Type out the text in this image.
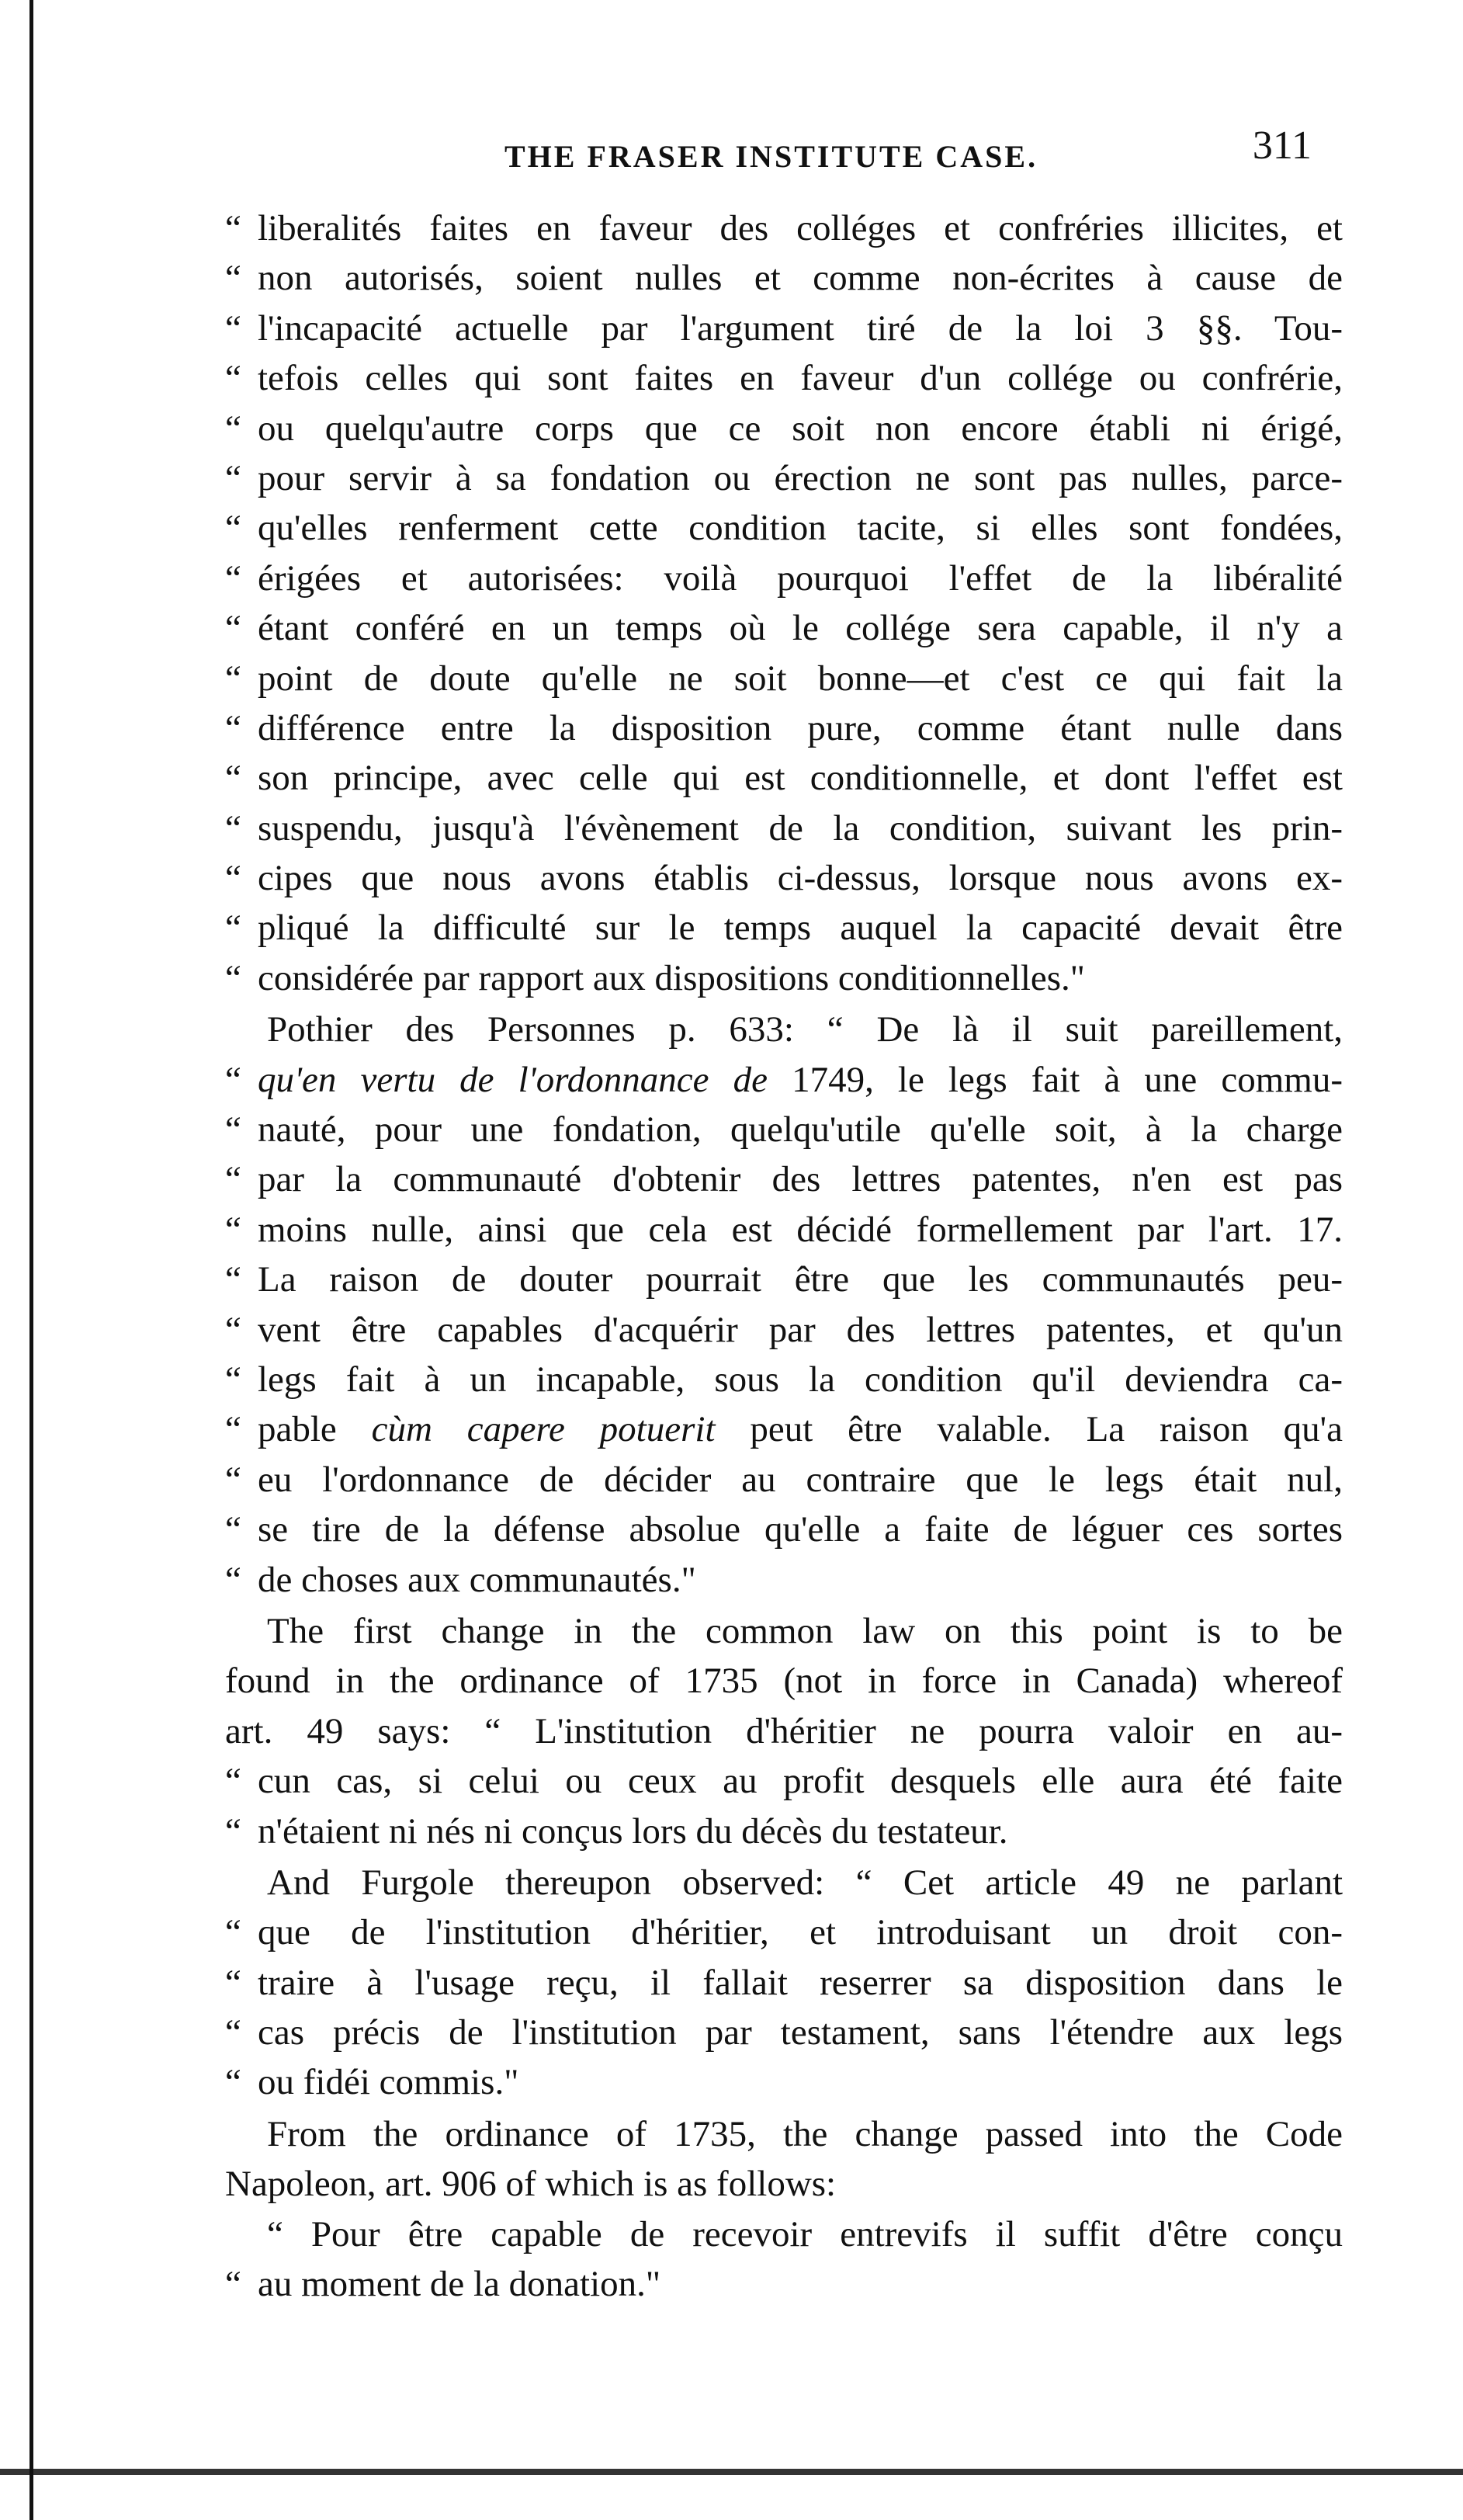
THE FRASER INSTITUTE CASE.	311
“ liberalités faites en faveur des colléges et confréries illicites, et
“ non autorisés, soient nulles et comme non-écrites à cause de
“ l'incapacité actuelle par l'argument tiré de la loi 3 §§. Tou-
“ tefois celles qui sont faites en faveur d'un collége ou confrérie,
“ ou quelqu'autre corps que ce soit non encore établi ni érigé,
“ pour servir à sa fondation ou érection ne sont pas nulles, parce-
“ qu'elles renferment cette condition tacite, si elles sont fondées,
“ érigées et autorisées: voilà pourquoi l'effet de la libéralité
“ étant conféré en un temps où le collége sera capable, il n'y a
“ point de doute qu'elle ne soit bonne—et c'est ce qui fait la
“ différence entre la disposition pure, comme étant nulle dans
“ son principe, avec celle qui est conditionnelle, et dont l'effet est
“ suspendu, jusqu'à l'évènement de la condition, suivant les prin-
“ cipes que nous avons établis ci-dessus, lorsque nous avons ex-
“ pliqué la difficulté sur le temps auquel la capacité devait être
“ considérée par rapport aux dispositions conditionnelles."
Pothier des Personnes p. 633: “ De là il suit pareillement,
“ qu'en vertu de l'ordonnance de 1749, le legs fait à une commu-
“ nauté, pour une fondation, quelqu'utile qu'elle soit, à la charge
“ par la communauté d'obtenir des lettres patentes, n'en est pas
“ moins nulle, ainsi que cela est décidé formellement par l'art. 17.
“ La raison de douter pourrait être que les communautés peu-
“ vent être capables d'acquérir par des lettres patentes, et qu'un
“ legs fait à un incapable, sous la condition qu'il deviendra ca-
“ pable cùm capere potuerit peut être valable. La raison qu'a
“ eu l'ordonnance de décider au contraire que le legs était nul,
“ se tire de la défense absolue qu'elle a faite de léguer ces sortes
“ de choses aux communautés."
The first change in the common law on this point is to be
found in the ordinance of 1735 (not in force in Canada) whereof
art. 49 says: “ L'institution d'héritier ne pourra valoir en au-
“ cun cas, si celui ou ceux au profit desquels elle aura été faite
“ n'étaient ni nés ni conçus lors du décès du testateur.
And Furgole thereupon observed: “ Cet article 49 ne parlant
“ que de l'institution d'héritier, et introduisant un droit con-
“ traire à l'usage reçu, il fallait reserrer sa disposition dans le
“ cas précis de l'institution par testament, sans l'étendre aux legs
“ ou fidéi commis."
From the ordinance of 1735, the change passed into the Code
Napoleon, art. 906 of which is as follows:
“ Pour être capable de recevoir entrevifs il suffit d'être conçu
“ au moment de la donation."
